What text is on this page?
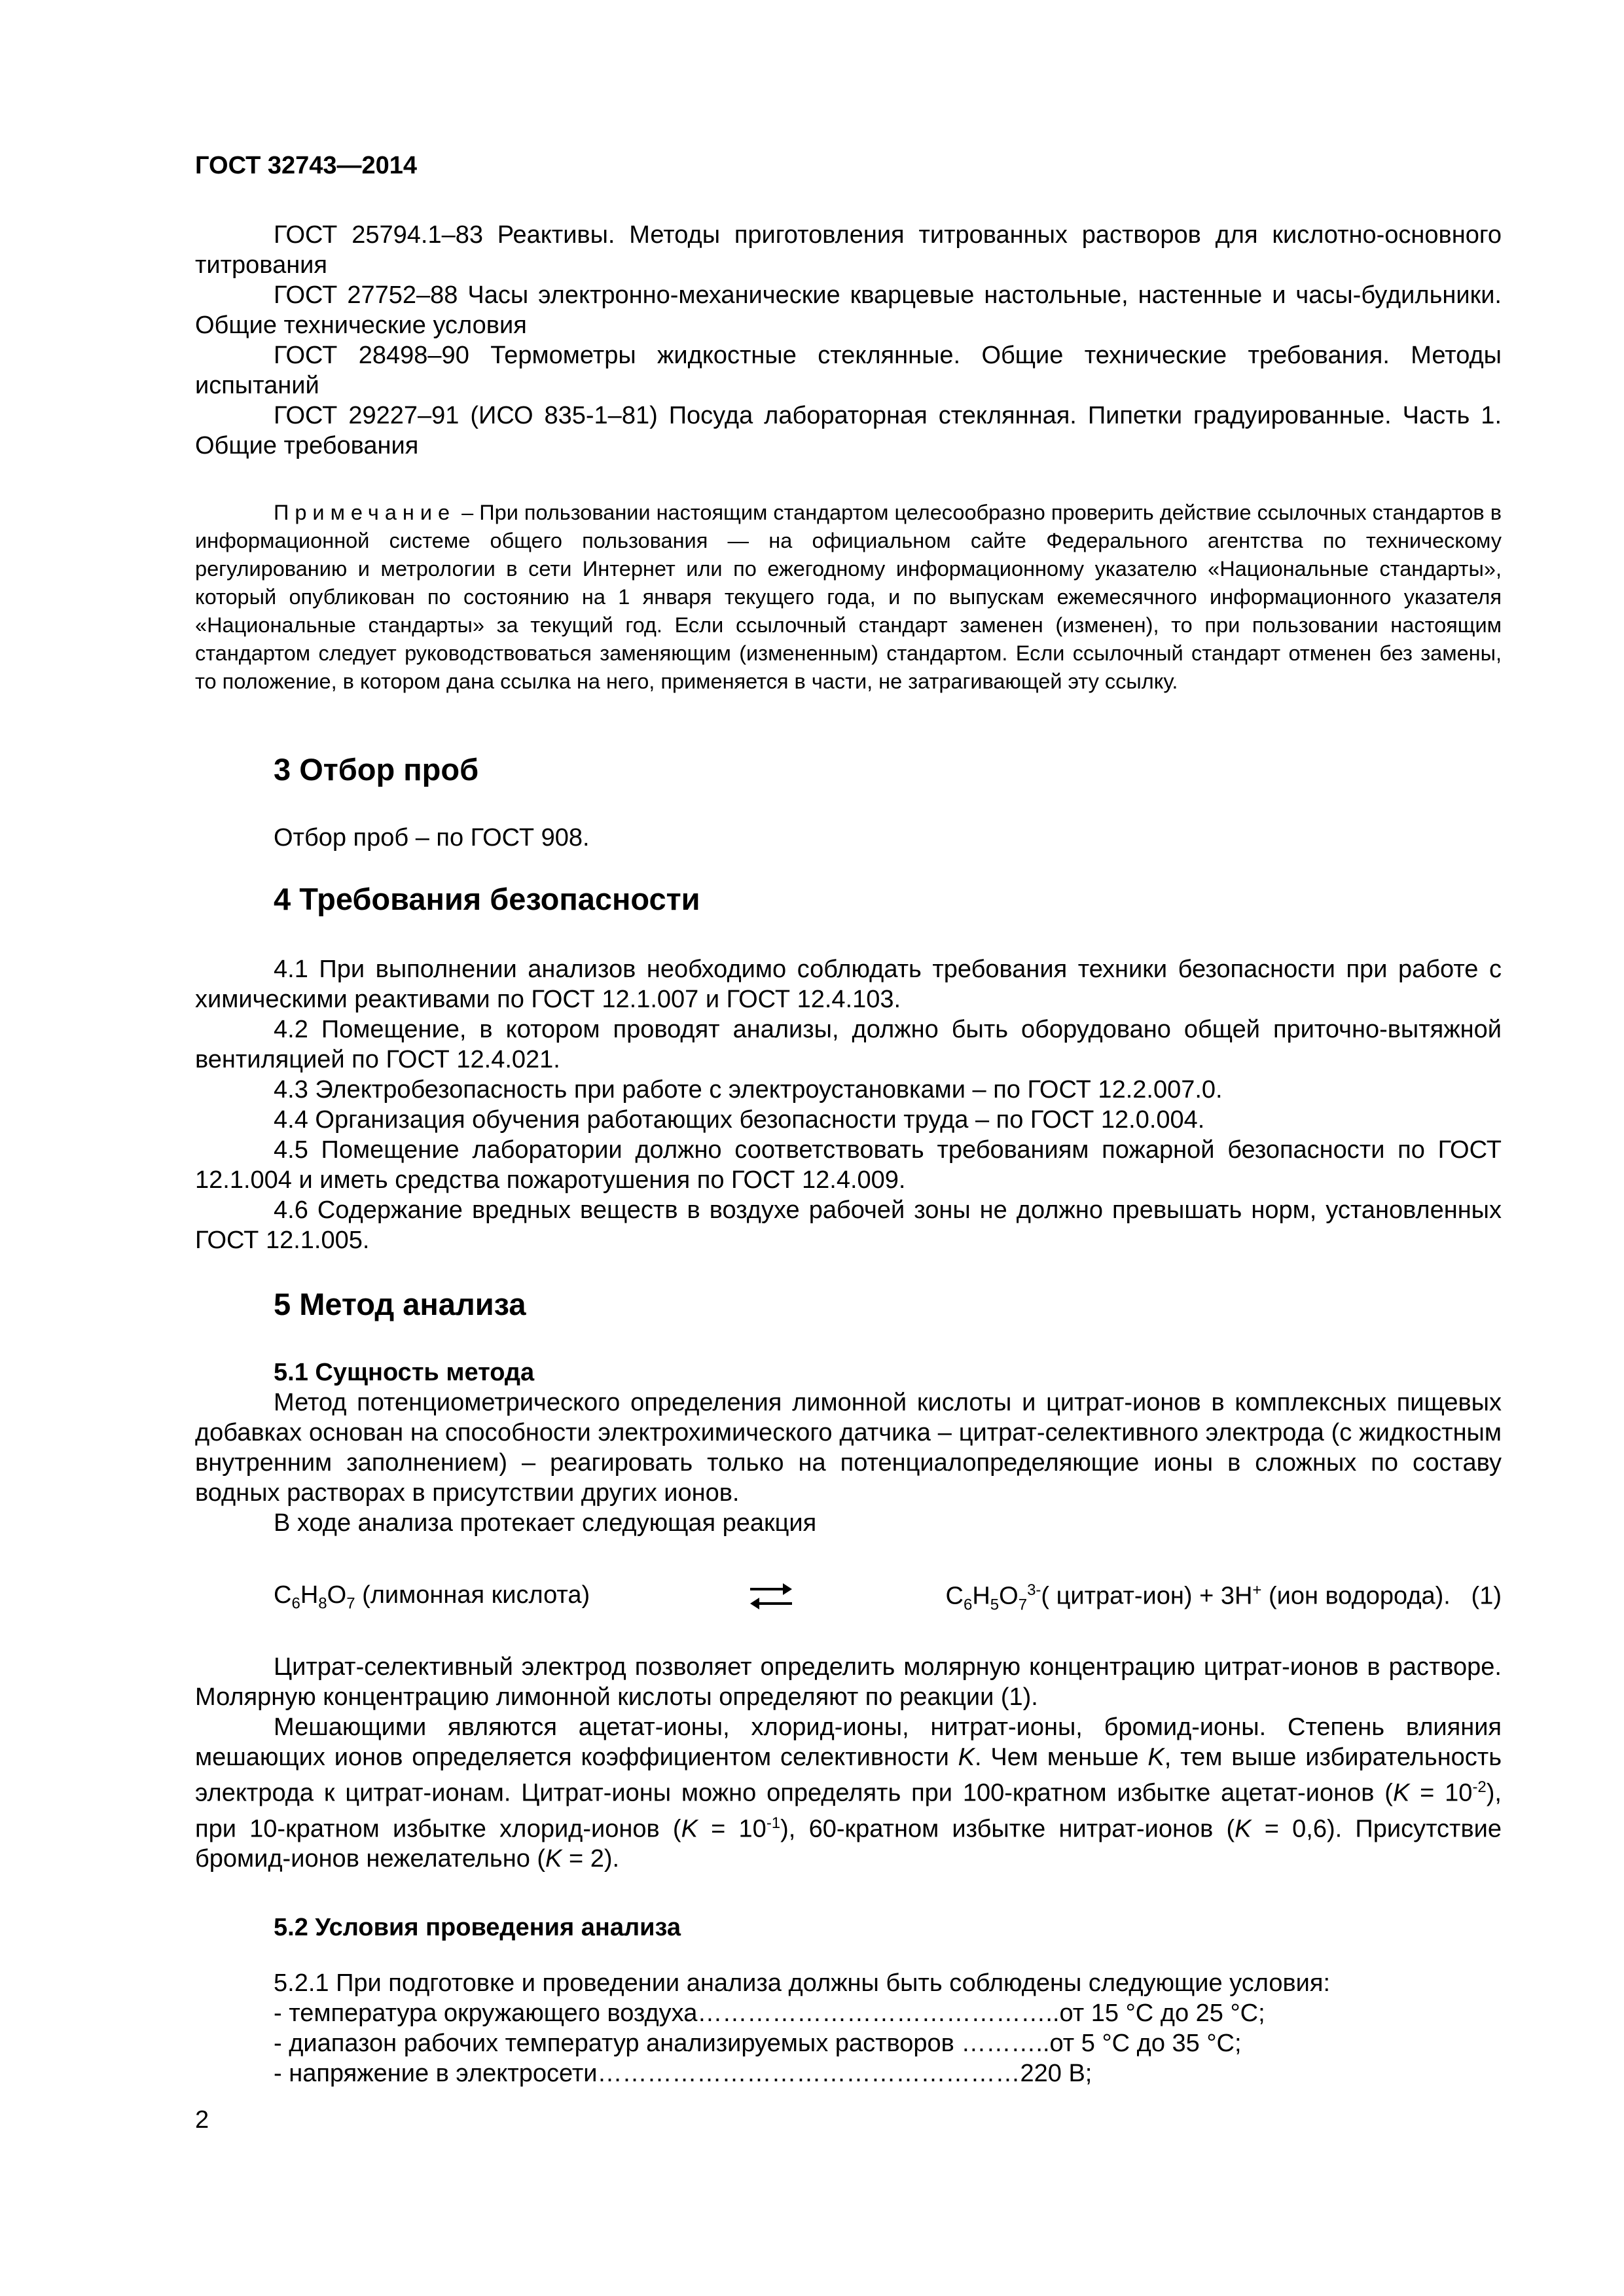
ГОСТ 32743—2014

ГОСТ 25794.1–83 Реактивы. Методы приготовления титрованных растворов для кислотно-основного титрования

ГОСТ 27752–88 Часы электронно-механические кварцевые настольные, настенные и часы-будильники. Общие технические условия

ГОСТ 28498–90 Термометры жидкостные стеклянные. Общие технические требования. Методы испытаний

ГОСТ 29227–91 (ИСО 835-1–81) Посуда лабораторная стеклянная. Пипетки градуированные. Часть 1. Общие требования

Примечание – При пользовании настоящим стандартом целесообразно проверить действие ссылочных стандартов в информационной системе общего пользования — на официальном сайте Федерального агентства по техническому регулированию и метрологии в сети Интернет или по ежегодному информационному указателю «Национальные стандарты», который опубликован по состоянию на 1 января текущего года, и по выпускам ежемесячного информационного указателя «Национальные стандарты» за текущий год. Если ссылочный стандарт заменен (изменен), то при пользовании настоящим стандартом следует руководствоваться заменяющим (измененным) стандартом. Если ссылочный стандарт отменен без замены, то положение, в котором дана ссылка на него, применяется в части, не затрагивающей эту ссылку.

3 Отбор проб

Отбор проб – по ГОСТ 908.

4 Требования безопасности

4.1 При выполнении анализов необходимо соблюдать требования техники безопасности при работе с химическими реактивами по ГОСТ 12.1.007 и ГОСТ 12.4.103.

4.2 Помещение, в котором проводят анализы, должно быть оборудовано общей приточно-вытяжной вентиляцией по ГОСТ 12.4.021.

4.3 Электробезопасность при работе с электроустановками – по ГОСТ 12.2.007.0.

4.4 Организация обучения работающих безопасности труда – по ГОСТ 12.0.004.

4.5 Помещение лаборатории должно соответствовать требованиям пожарной безопасности по ГОСТ 12.1.004 и иметь средства пожаротушения по ГОСТ 12.4.009.

4.6 Содержание вредных веществ в воздухе рабочей зоны не должно превышать норм, установленных ГОСТ 12.1.005.

5 Метод анализа
5.1 Сущность метода

Метод потенциометрического определения лимонной кислоты и цитрат-ионов в комплексных пищевых добавках основан на способности электрохимического датчика – цитрат-селективного электрода (с жидкостным внутренним заполнением) – реагировать только на потенциалопределяющие ионы в сложных по составу водных растворах в присутствии других ионов.

В ходе анализа протекает следующая реакция

$C_6H_8O_7$ (лимонная кислота)	$C_6H_5O_7^{3-}$( цитрат-ион) + 3H+ (ион водорода). (1)

Цитрат-селективный электрод позволяет определить молярную концентрацию цитрат-ионов в растворе. Молярную концентрацию лимонной кислоты определяют по реакции (1).

Мешающими являются ацетат-ионы, хлорид-ионы, нитрат-ионы, бромид-ионы. Степень влияния мешающих ионов определяется коэффициентом селективности K. Чем меньше K, тем выше избирательность электрода к цитрат-ионам. Цитрат-ионы можно определять при 100-кратном избытке ацетат-ионов $(K = 10^{-2})$, при 10-кратном избытке хлорид-ионов $(K = 10^{-1})$, 60-кратном избытке нитрат-ионов (K = 0,6). Присутствие бромид-ионов нежелательно (K = 2).

5.2 Условия проведения анализа

5.2.1 При подготовке и проведении анализа должны быть соблюдены следующие условия:

- температура окружающего воздуха……………………………………..от 15 °С до 25 °С;

- диапазон рабочих температур анализируемых растворов ………..от 5 °С до 35 °С;

- напряжение в электросети……………………………………………220 В;

2
